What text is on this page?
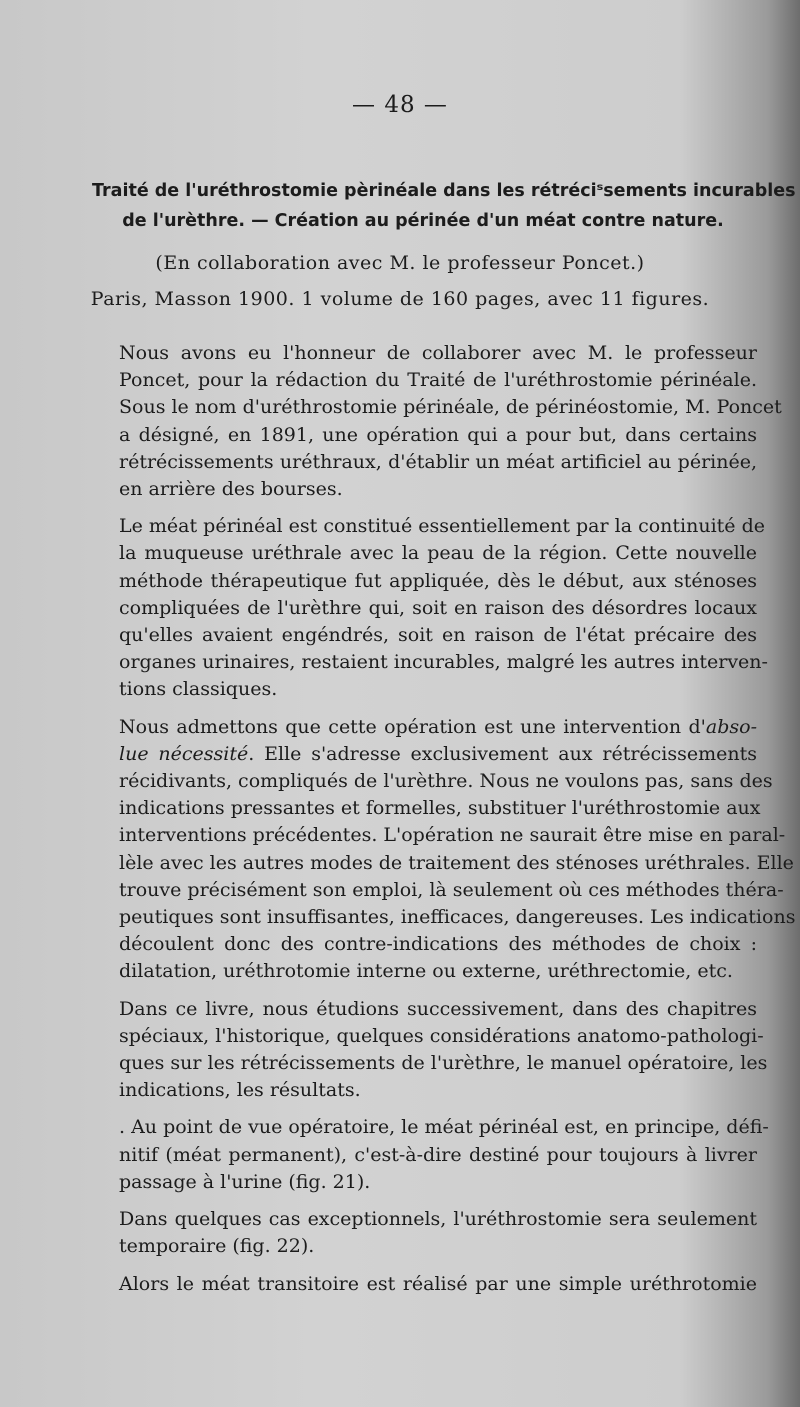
— 48 —
Traité de l'uréthrostomie pèrinéale dans les rétréciˢsements incurables
de l'urèthre. — Création au périnée d'un méat contre nature.
(En collaboration avec M. le professeur Poncet.)
Paris, Masson 1900. 1 volume de 160 pages, avec 11 figures.
Nous avons eu l'honneur de collaborer avec M. le professeur
Poncet, pour la rédaction du Traité de l'uréthrostomie périnéale.
Sous le nom d'uréthrostomie périnéale, de périnéostomie, M. Poncet
a désigné, en 1891, une opération qui a pour but, dans certains
rétrécissements uréthraux, d'établir un méat artificiel au périnée,
en arrière des bourses.
Le méat périnéal est constitué essentiellement par la continuité de
la muqueuse uréthrale avec la peau de la région. Cette nouvelle
méthode thérapeutique fut appliquée, dès le début, aux sténoses
compliquées de l'urèthre qui, soit en raison des désordres locaux
qu'elles avaient engéndrés, soit en raison de l'état précaire des
organes urinaires, restaient incurables, malgré les autres interven-
tions classiques.
Nous admettons que cette opération est une intervention d'abso-
lue nécessité. Elle s'adresse exclusivement aux rétrécissements
récidivants, compliqués de l'urèthre. Nous ne voulons pas, sans des
indications pressantes et formelles, substituer l'uréthrostomie aux
interventions précédentes. L'opération ne saurait être mise en paral-
lèle avec les autres modes de traitement des sténoses uréthrales. Elle
trouve précisément son emploi, là seulement où ces méthodes théra-
peutiques sont insuffisantes, inefficaces, dangereuses. Les indications
découlent donc des contre-indications des méthodes de choix :
dilatation, uréthrotomie interne ou externe, uréthrectomie, etc.
Dans ce livre, nous étudions successivement, dans des chapitres
spéciaux, l'historique, quelques considérations anatomo-pathologi-
ques sur les rétrécissements de l'urèthre, le manuel opératoire, les
indications, les résultats.
. Au point de vue opératoire, le méat périnéal est, en principe, défi-
nitif (méat permanent), c'est-à-dire destiné pour toujours à livrer
passage à l'urine (fig. 21).
Dans quelques cas exceptionnels, l'uréthrostomie sera seulement
temporaire (fig. 22).
Alors le méat transitoire est réalisé par une simple uréthrotomie
